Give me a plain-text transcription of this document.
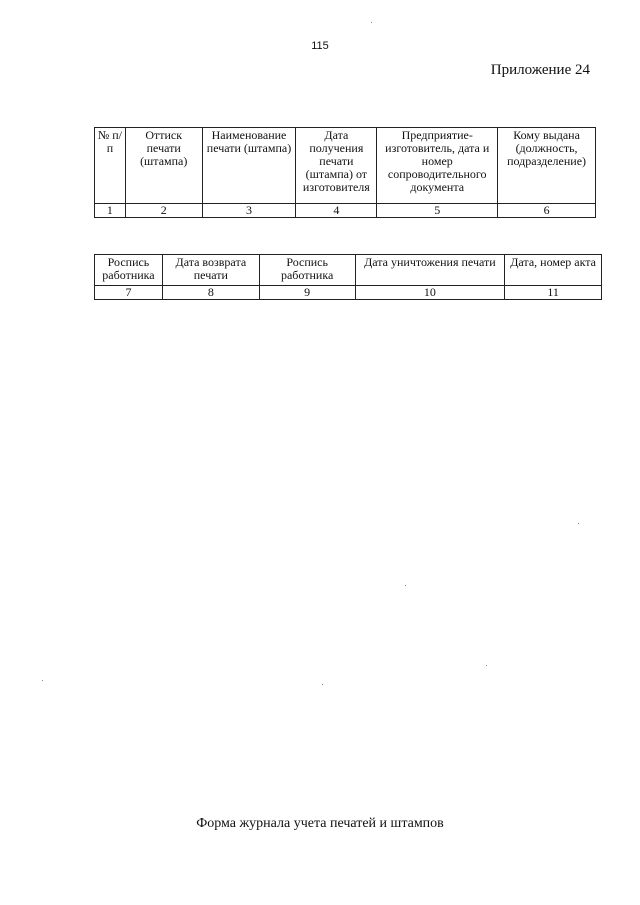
115
Приложение 24
№ п/п	Оттиск печати (штампа)	Наименование печати (штампа)	Дата получения печати (штампа) от изготовителя	Предприятие-изготовитель, дата и номер сопроводительного документа	Кому выдана (должность, подразделение)
1	2	3	4	5	6
Роспись работника	Дата возврата печати	Роспись работника	Дата уничтожения печати	Дата, номер акта
7	8	9	10	11
Форма журнала учета печатей и штампов
